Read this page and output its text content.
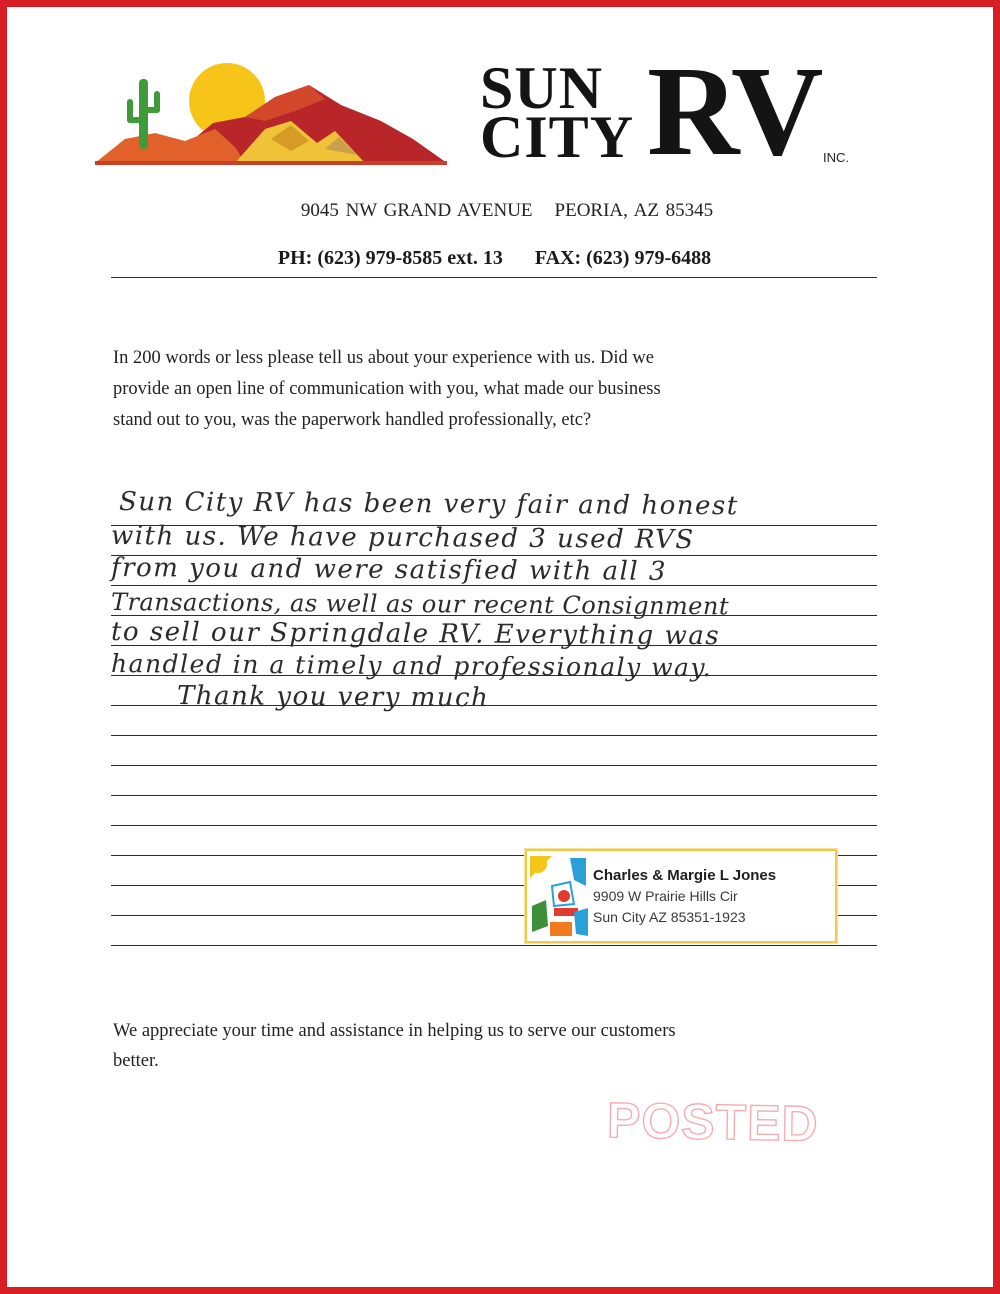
SUN
CITY RV INC.
9045 NW GRAND AVENUE PEORIA, AZ 85345
PH: (623) 979-8585 ext. 13 FAX: (623) 979-6488
In 200 words or less please tell us about your experience with us. Did we
provide an open line of communication with you, what made our business
stand out to you, was the paperwork handled professionally, etc?
Sun City RV has been very fair and honest
with us. We have purchased 3 used RVS
from you and were satisfied with all 3
Transactions, as well as our recent Consignment
to sell our Springdale RV. Everything was
handled in a timely and professionaly way.
Thank you very much
Charles & Margie L Jones
9909 W Prairie Hills Cir
Sun City AZ 85351-1923
We appreciate your time and assistance in helping us to serve our customers
better.
POSTED
